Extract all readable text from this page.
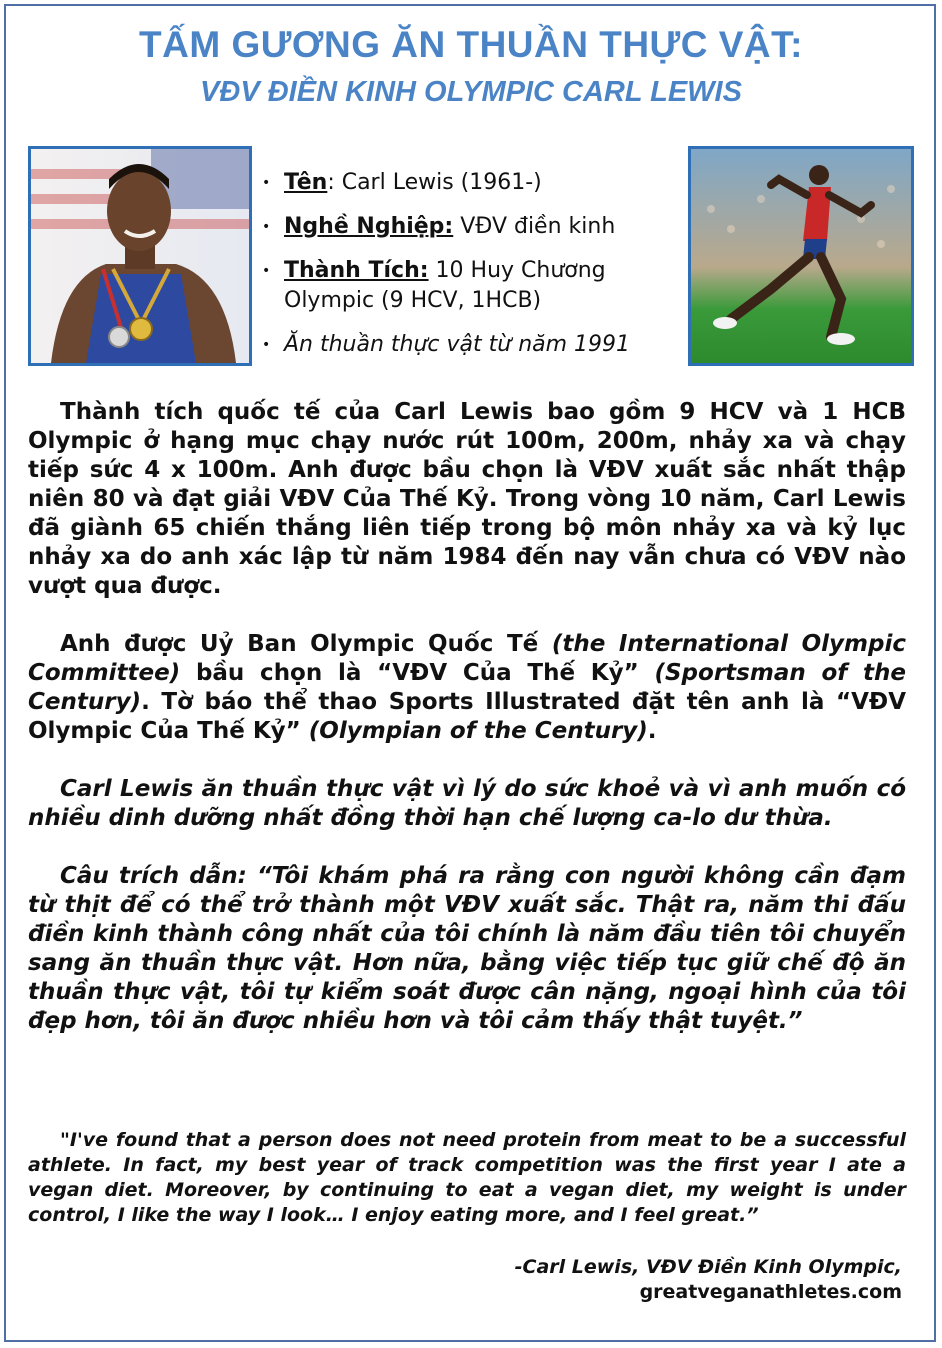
TẤM GƯƠNG ĂN THUẦN THỰC VẬT:
VĐV ĐIỀN KINH OLYMPIC CARL LEWIS
• Tên: Carl Lewis (1961-)
• Nghề Nghiệp: VĐV điền kinh
• Thành Tích: 10 Huy Chương Olympic (9 HCV, 1HCB)
• Ăn thuần thực vật từ năm 1991

Thành tích quốc tế của Carl Lewis bao gồm 9 HCV và 1 HCB Olympic ở hạng mục chạy nước rút 100m, 200m, nhảy xa và chạy tiếp sức 4 x 100m. Anh được bầu chọn là VĐV xuất sắc nhất thập niên 80 và đạt giải VĐV Của Thế Kỷ. Trong vòng 10 năm, Carl Lewis đã giành 65 chiến thắng liên tiếp trong bộ môn nhảy xa và kỷ lục nhảy xa do anh xác lập từ năm 1984 đến nay vẫn chưa có VĐV nào vượt qua được.

Anh được Uỷ Ban Olympic Quốc Tế (the International Olympic Committee) bầu chọn là “VĐV Của Thế Kỷ” (Sportsman of the Century). Tờ báo thể thao Sports Illustrated đặt tên anh là “VĐV Olympic Của Thế Kỷ” (Olympian of the Century).

Carl Lewis ăn thuần thực vật vì lý do sức khoẻ và vì anh muốn có nhiều dinh dưỡng nhất đồng thời hạn chế lượng ca-lo dư thừa.

Câu trích dẫn: “Tôi khám phá ra rằng con người không cần đạm từ thịt để có thể trở thành một VĐV xuất sắc. Thật ra, năm thi đấu điền kinh thành công nhất của tôi chính là năm đầu tiên tôi chuyển sang ăn thuần thực vật. Hơn nữa, bằng việc tiếp tục giữ chế độ ăn thuần thực vật, tôi tự kiểm soát được cân nặng, ngoại hình của tôi đẹp hơn, tôi ăn được nhiều hơn và tôi cảm thấy thật tuyệt.”

"I've found that a person does not need protein from meat to be a successful athlete. In fact, my best year of track competition was the first year I ate a vegan diet. Moreover, by continuing to eat a vegan diet, my weight is under control, I like the way I look… I enjoy eating more, and I feel great.”
-Carl Lewis, VĐV Điền Kinh Olympic,
greatveganathletes.com
